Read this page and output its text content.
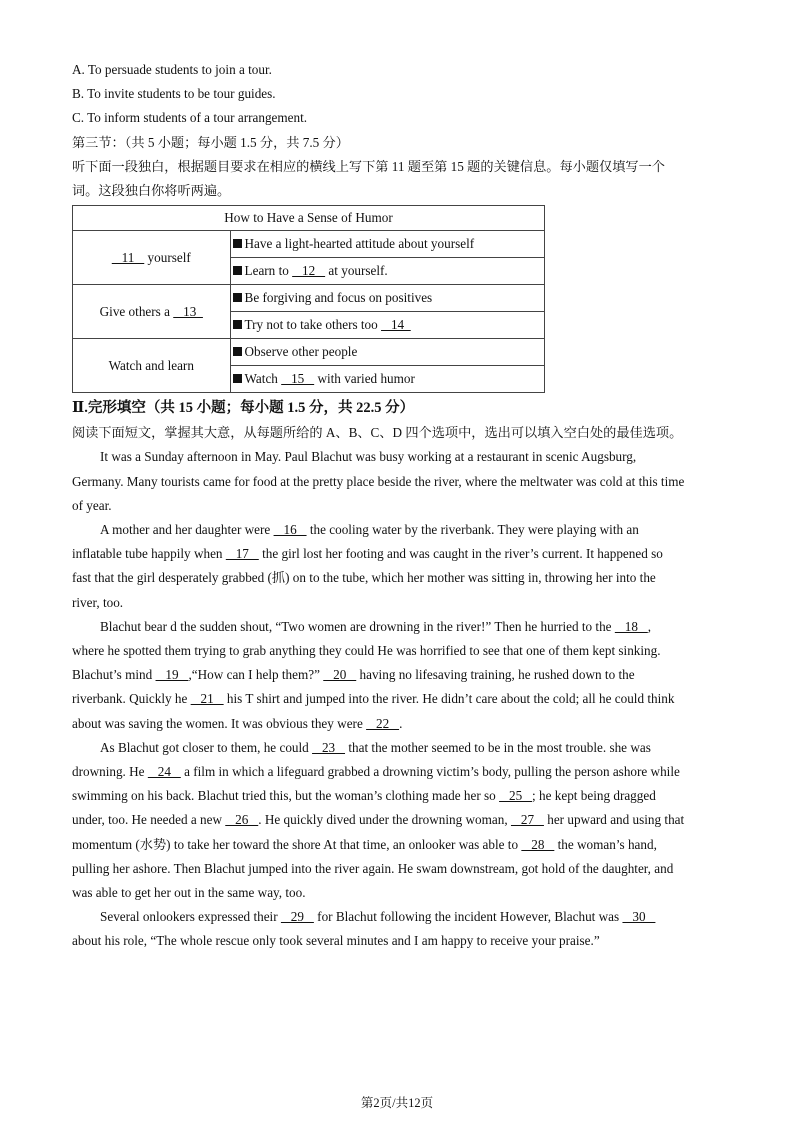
A. To persuade students to join a tour.
B. To invite students to be tour guides.
C. To inform students of a tour arrangement.
第三节：（共 5 小题；每小题 1.5 分，共 7.5 分）
听下面一段独白，根据题目要求在相应的横线上写下第 11 题至第 15 题的关键信息。每小题仅填写一个
词。这段独白你将听两遍。
How to Have a Sense of Humor	
11    yourself	Have a light-hearted attitude about yourself
	Learn to    12    at yourself.
Give others a    13	Be forgiving and focus on positives
	Try not to take others too    14
Watch and learn	Observe other people
	Watch    15    with varied humor
Ⅱ.完形填空（共 15 小题；每小题 1.5 分，共 22.5 分）
阅读下面短文，掌握其大意，从每题所给的 A、B、C、D 四个选项中，选出可以填入空白处的最佳选项。
It was a Sunday afternoon in May. Paul Blachut was busy working at a restaurant in scenic Augsburg,
Germany. Many tourists came for food at the pretty place beside the river, where the meltwater was cold at this time
of year.
A mother and her daughter were    16    the cooling water by the riverbank. They were playing with an
inflatable tube happily when    17    the girl lost her footing and was caught in the river’s current. It happened so
fast that the girl desperately grabbed (抓) on to the tube, which her mother was sitting in, throwing her into the
river, too.
Blachut bear d the sudden shout, “Two women are drowning in the river!” Then he hurried to the    18   ,
where he spotted them trying to grab anything they could He was horrified to see that one of them kept sinking.
Blachut’s mind    19   ,“How can I help them?”    20    having no lifesaving training, he rushed down to the
riverbank. Quickly he    21    his T shirt and jumped into the river. He didn’t care about the cold; all he could think
about was saving the women. It was obvious they were    22   .
As Blachut got closer to them, he could    23    that the mother seemed to be in the most trouble. she was
drowning. He    24    a film in which a lifeguard grabbed a drowning victim’s body, pulling the person ashore while
swimming on his back. Blachut tried this, but the woman’s clothing made her so    25   ; he kept being dragged
under, too. He needed a new    26   . He quickly dived under the drowning woman,    27    her upward and using that
momentum (水势) to take her toward the shore At that time, an onlooker was able to    28    the woman’s hand,
pulling her ashore. Then Blachut jumped into the river again. He swam downstream, got hold of the daughter, and
was able to get her out in the same way, too.
Several onlookers expressed their    29    for Blachut following the incident However, Blachut was    30
about his role, “The whole rescue only took several minutes and I am happy to receive your praise.”
第2页/共12页
